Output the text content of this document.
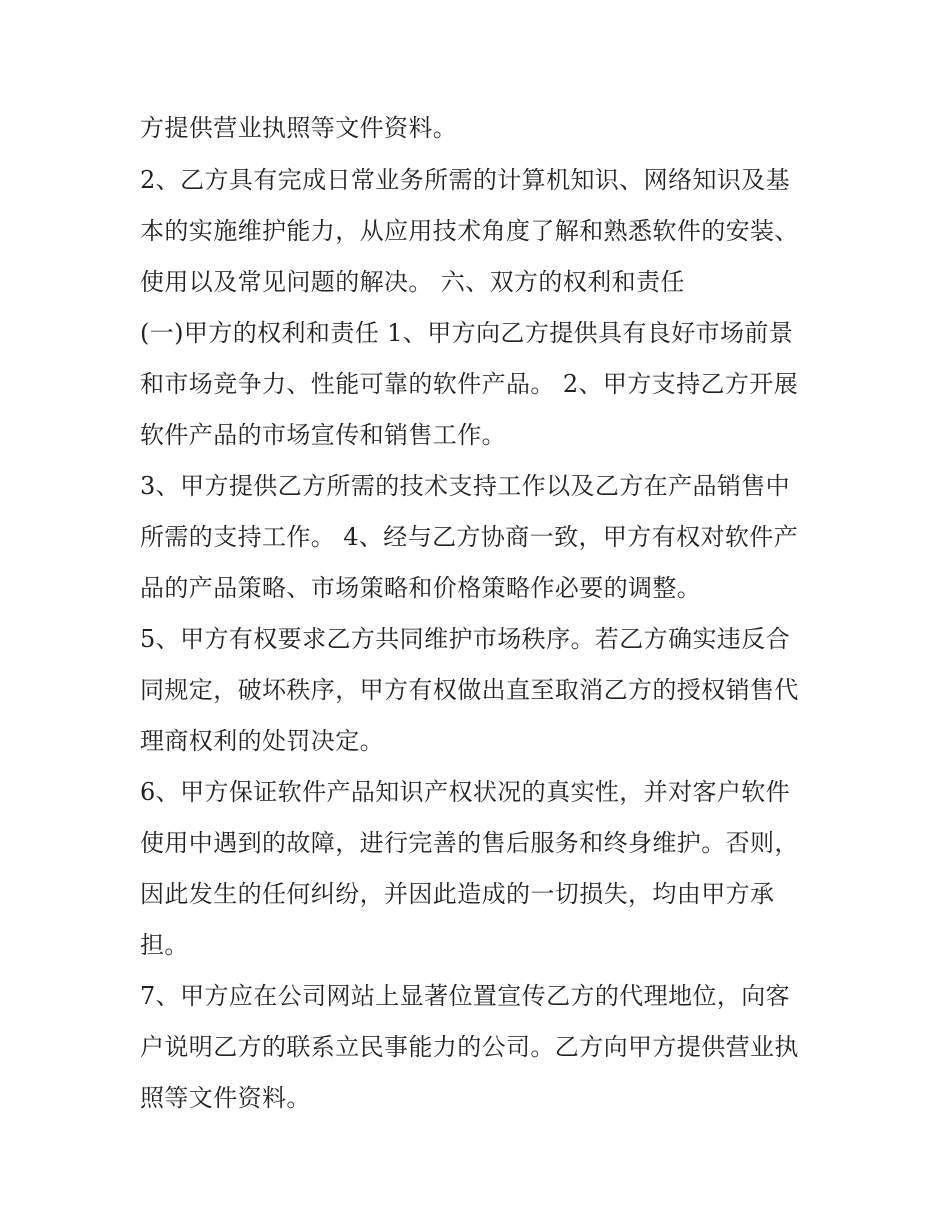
方提供营业执照等文件资料。
2、乙方具有完成日常业务所需的计算机知识、网络知识及基
本的实施维护能力，从应用技术角度了解和熟悉软件的安装、
使用以及常见问题的解决。 六、双方的权利和责任
(一)甲方的权利和责任 1、甲方向乙方提供具有良好市场前景
和市场竞争力、性能可靠的软件产品。 2、甲方支持乙方开展
软件产品的市场宣传和销售工作。
3、甲方提供乙方所需的技术支持工作以及乙方在产品销售中
所需的支持工作。 4、经与乙方协商一致，甲方有权对软件产
品的产品策略、市场策略和价格策略作必要的调整。
5、甲方有权要求乙方共同维护市场秩序。若乙方确实违反合
同规定，破坏秩序，甲方有权做出直至取消乙方的授权销售代
理商权利的处罚决定。
6、甲方保证软件产品知识产权状况的真实性，并对客户软件
使用中遇到的故障，进行完善的售后服务和终身维护。否则，
因此发生的任何纠纷，并因此造成的一切损失，均由甲方承
担。
7、甲方应在公司网站上显著位置宣传乙方的代理地位，向客
户说明乙方的联系立民事能力的公司。乙方向甲方提供营业执
照等文件资料。
